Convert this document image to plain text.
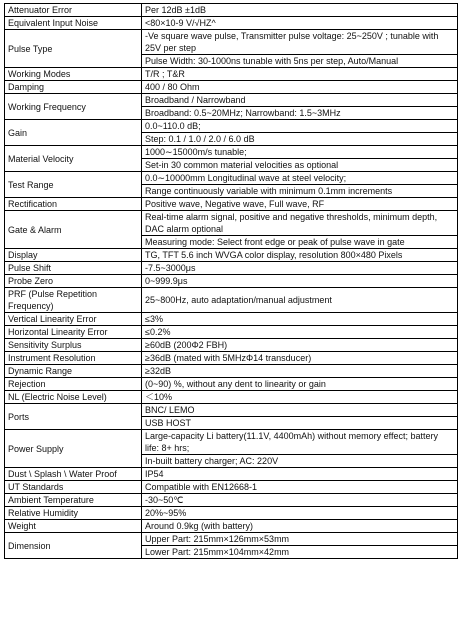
Attenuator Error	Per 12dB ±1dB

Equivalent Input Noise	<80×10-9 V/√HZ^

Pulse Type	-Ve square wave pulse, Transmitter pulse voltage: 25~250V ; tunable with 25V per step
Pulse Width: 30-1000ns tunable with 5ns per step, Auto/Manual

Working Modes	T/R ; T&R

Damping	400 / 80 Ohm

Working Frequency	Broadband / Narrowband
Broadband: 0.5~20MHz; Narrowband: 1.5~3MHz

Gain	0.0~110.0 dB;
Step: 0.1 / 1.0 / 2.0 / 6.0 dB

Material Velocity	1000∼15000m/s tunable;
Set-in 30 common material velocities as optional

Test Range	0.0∼10000mm Longitudinal wave at steel velocity;
Range continuously variable with minimum 0.1mm increments

Rectification	Positive wave, Negative wave, Full wave, RF

Gate & Alarm	Real-time alarm signal, positive and negative thresholds, minimum depth, DAC alarm optional
Measuring mode: Select front edge or peak of pulse wave in gate

Display	TG, TFT 5.6 inch WVGA color display, resolution 800×480 Pixels

Pulse Shift	-7.5~3000μs

Probe Zero	0~999.9μs

PRF (Pulse Repetition Frequency)	25~800Hz, auto adaptation/manual adjustment

Vertical Linearity Error	≤3%

Horizontal Linearity Error	≤0.2%

Sensitivity Surplus	≥60dB (200Φ2 FBH)

Instrument Resolution	≥36dB (mated with 5MHzΦ14 transducer)

Dynamic Range	≥32dB

Rejection	(0~90) %, without any dent to linearity or gain

NL (Electric Noise Level)	＜10%

Ports	BNC/ LEMO
USB HOST

Power Supply	Large-capacity Li battery(11.1V, 4400mAh) without memory effect; battery life: 8+ hrs;
In-built battery charger; AC: 220V

Dust \ Splash \ Water Proof	IP54

UT Standards	Compatible with EN12668-1

Ambient Temperature	-30~50℃

Relative Humidity	20%~95%

Weight	Around 0.9kg (with battery)

Dimension	Upper Part: 215mm×126mm×53mm
Lower Part: 215mm×104mm×42mm
